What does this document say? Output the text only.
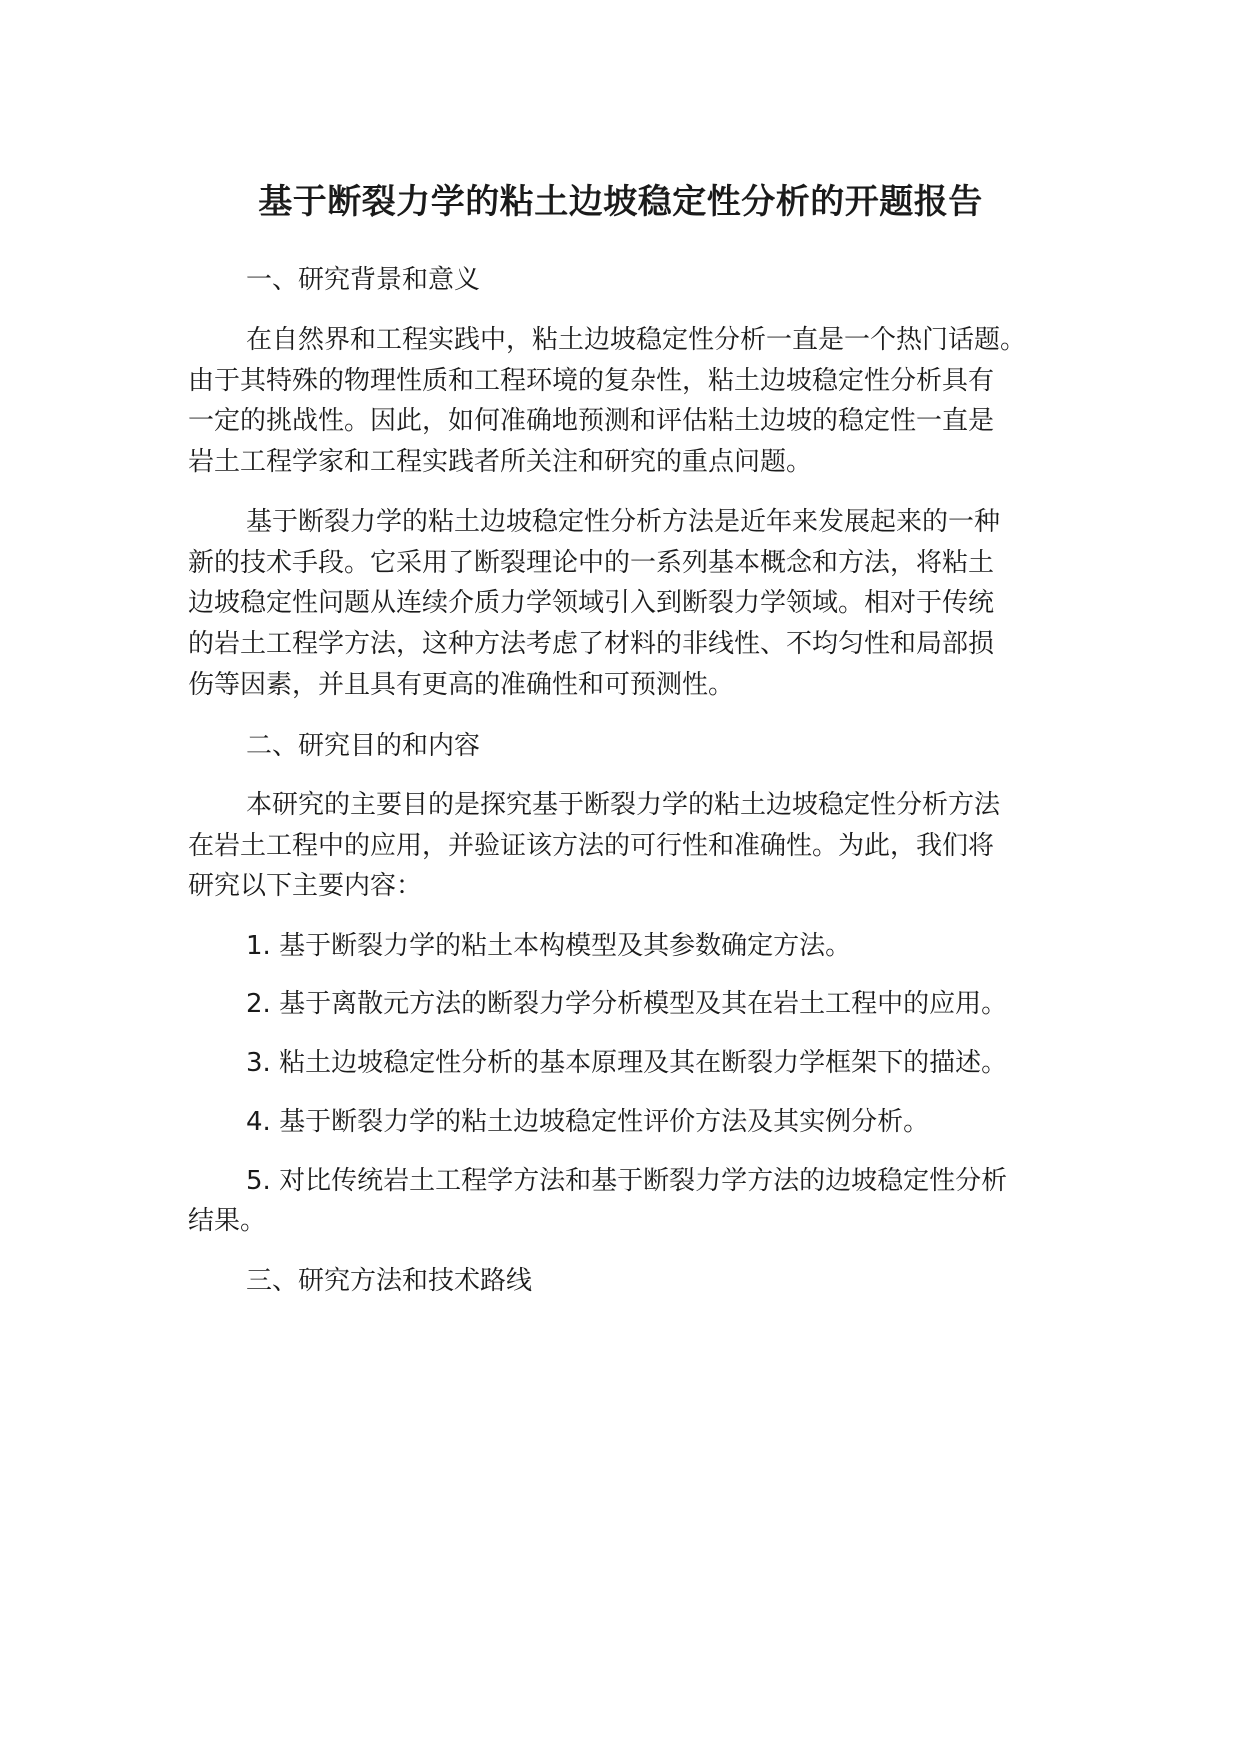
基于断裂力学的粘土边坡稳定性分析的开题报告
一、研究背景和意义
在自然界和工程实践中，粘土边坡稳定性分析一直是一个热门话题。
由于其特殊的物理性质和工程环境的复杂性，粘土边坡稳定性分析具有
一定的挑战性。因此，如何准确地预测和评估粘土边坡的稳定性一直是
岩土工程学家和工程实践者所关注和研究的重点问题。
基于断裂力学的粘土边坡稳定性分析方法是近年来发展起来的一种
新的技术手段。它采用了断裂理论中的一系列基本概念和方法，将粘土
边坡稳定性问题从连续介质力学领域引入到断裂力学领域。相对于传统
的岩土工程学方法，这种方法考虑了材料的非线性、不均匀性和局部损
伤等因素，并且具有更高的准确性和可预测性。
二、研究目的和内容
本研究的主要目的是探究基于断裂力学的粘土边坡稳定性分析方法
在岩土工程中的应用，并验证该方法的可行性和准确性。为此，我们将
研究以下主要内容：
1. 基于断裂力学的粘土本构模型及其参数确定方法。
2. 基于离散元方法的断裂力学分析模型及其在岩土工程中的应用。
3. 粘土边坡稳定性分析的基本原理及其在断裂力学框架下的描述。
4. 基于断裂力学的粘土边坡稳定性评价方法及其实例分析。
5. 对比传统岩土工程学方法和基于断裂力学方法的边坡稳定性分析
结果。
三、研究方法和技术路线
